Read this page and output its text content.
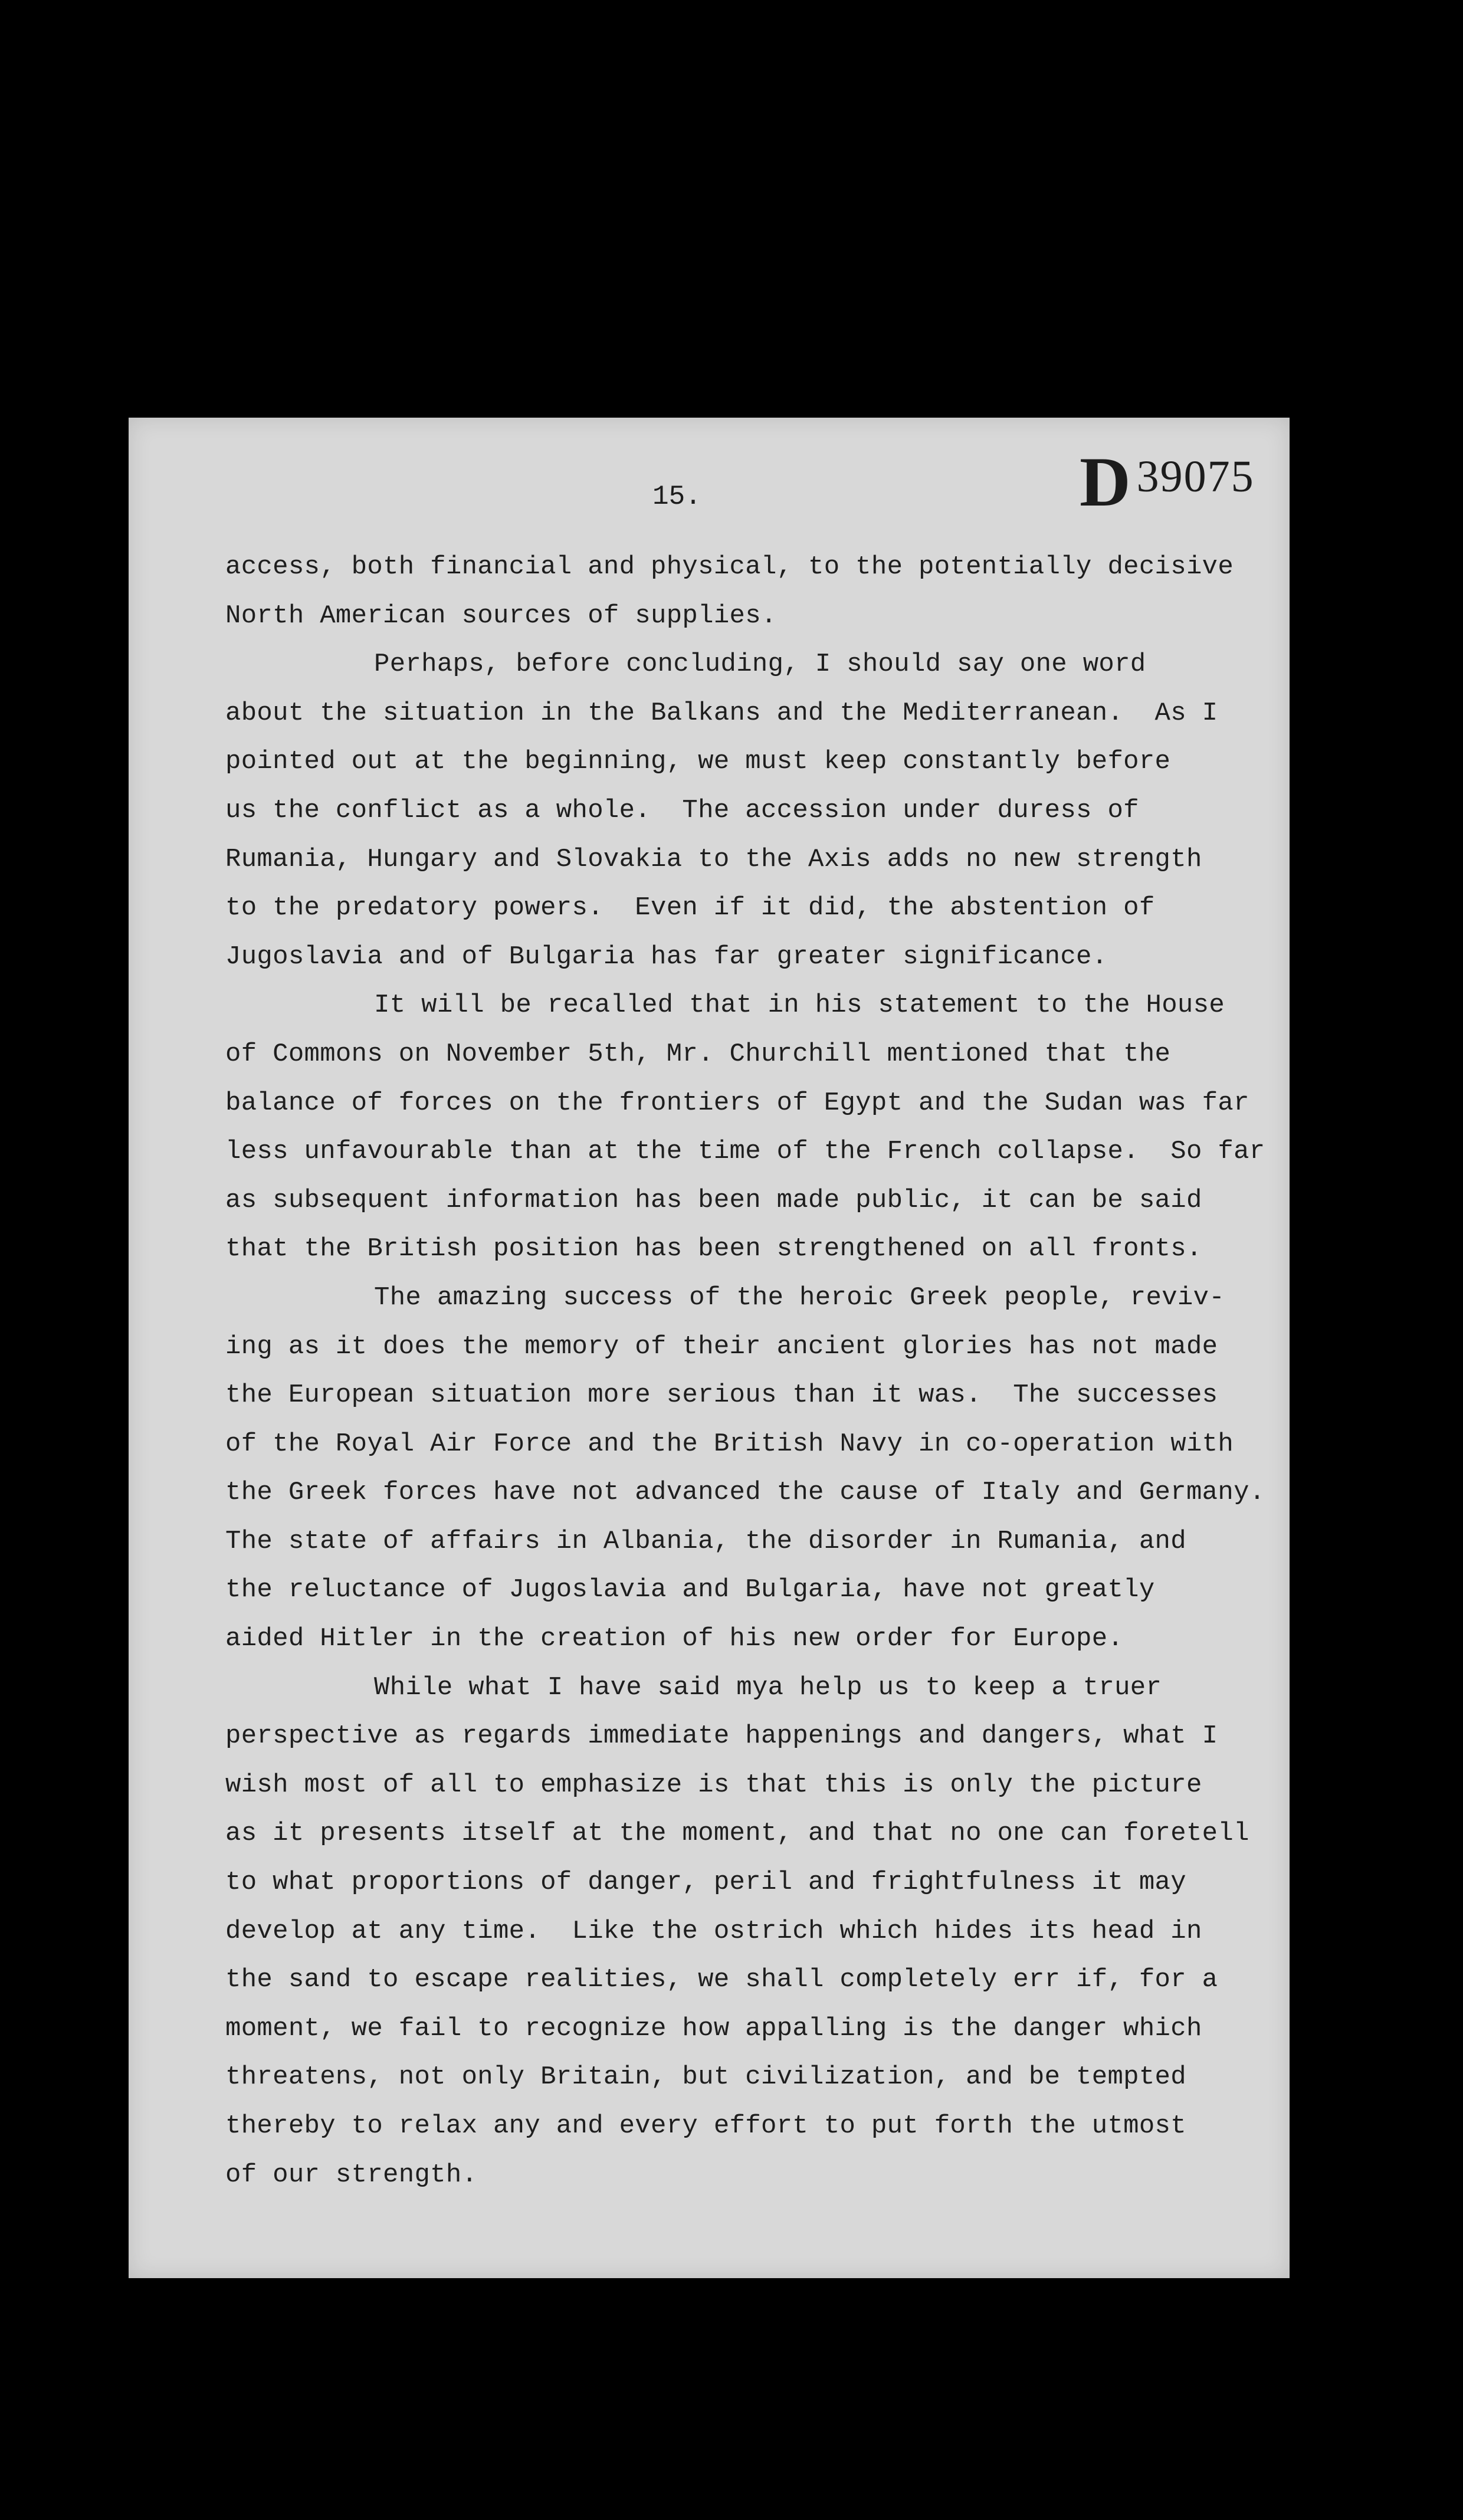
15.	D 39075
access, both financial and physical, to the potentially decisive
North American sources of supplies.
Perhaps, before concluding, I should say one word
about the situation in the Balkans and the Mediterranean.  As I
pointed out at the beginning, we must keep constantly before
us the conflict as a whole.  The accession under duress of
Rumania, Hungary and Slovakia to the Axis adds no new strength
to the predatory powers.  Even if it did, the abstention of
Jugoslavia and of Bulgaria has far greater significance.
It will be recalled that in his statement to the House
of Commons on November 5th, Mr. Churchill mentioned that the
balance of forces on the frontiers of Egypt and the Sudan was far
less unfavourable than at the time of the French collapse.  So far
as subsequent information has been made public, it can be said
that the British position has been strengthened on all fronts.
The amazing success of the heroic Greek people, reviv-
ing as it does the memory of their ancient glories has not made
the European situation more serious than it was.  The successes
of the Royal Air Force and the British Navy in co-operation with
the Greek forces have not advanced the cause of Italy and Germany.
The state of affairs in Albania, the disorder in Rumania, and
the reluctance of Jugoslavia and Bulgaria, have not greatly
aided Hitler in the creation of his new order for Europe.
While what I have said mya help us to keep a truer
perspective as regards immediate happenings and dangers, what I
wish most of all to emphasize is that this is only the picture
as it presents itself at the moment, and that no one can foretell
to what proportions of danger, peril and frightfulness it may
develop at any time.  Like the ostrich which hides its head in
the sand to escape realities, we shall completely err if, for a
moment, we fail to recognize how appalling is the danger which
threatens, not only Britain, but civilization, and be tempted
thereby to relax any and every effort to put forth the utmost
of our strength.
